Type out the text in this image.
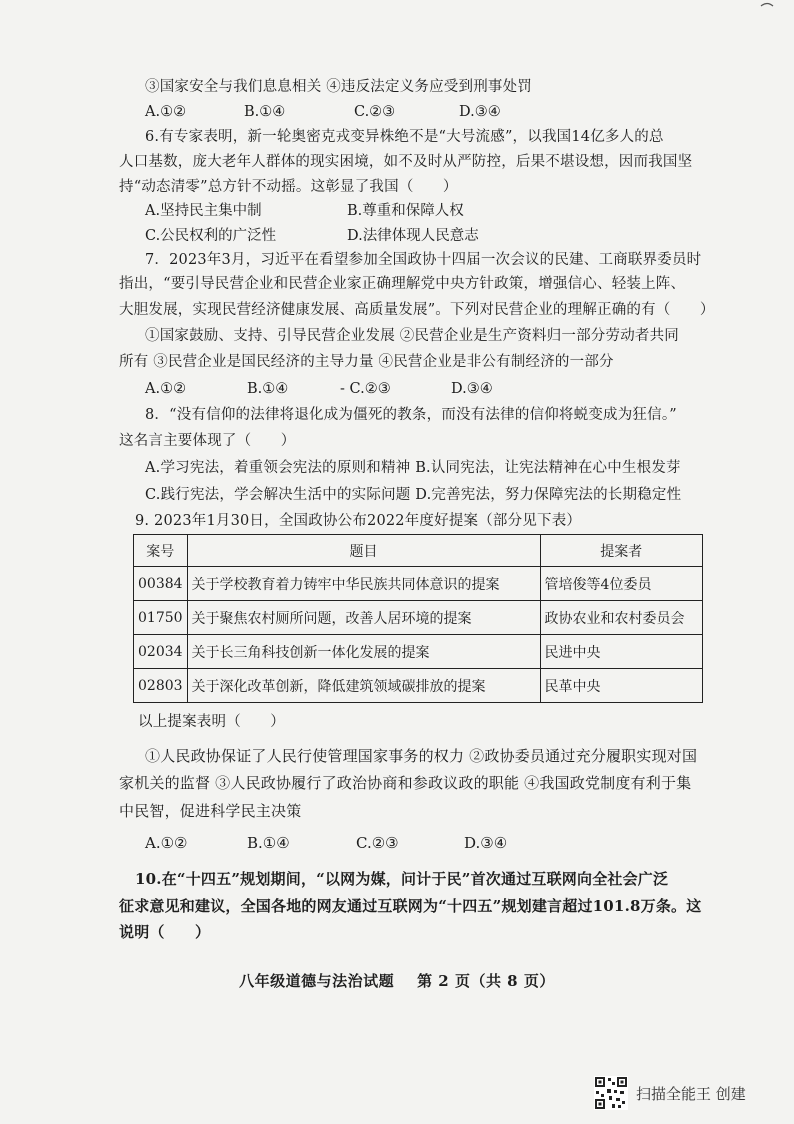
③国家安全与我们息息相关 ④违反法定义务应受到刑事处罚
A.①②	B.①④	C.②③	D.③④
6.有专家表明，新一轮奥密克戎变异株绝不是“大号流感”，以我国14亿多人的总
人口基数，庞大老年人群体的现实困境，如不及时从严防控，后果不堪设想，因而我国坚
持“动态清零”总方针不动摇。这彰显了我国（　　）
A.坚持民主集中制	B.尊重和保障人权
C.公民权利的广泛性	D.法律体现人民意志
7．2023年3月，习近平在看望参加全国政协十四届一次会议的民建、工商联界委员时
指出，“要引导民营企业和民营企业家正确理解党中央方针政策，增强信心、轻装上阵、
大胆发展，实现民营经济健康发展、高质量发展”。下列对民营企业的理解正确的有（　　）
①国家鼓励、支持、引导民营企业发展 ②民营企业是生产资料归一部分劳动者共同
所有 ③民营企业是国民经济的主导力量 ④民营企业是非公有制经济的一部分
A.①②	B.①④	- C.②③	D.③④
8．“没有信仰的法律将退化成为僵死的教条，而没有法律的信仰将蜕变成为狂信。”
这名言主要体现了（　　）
A.学习宪法，着重领会宪法的原则和精神 B.认同宪法，让宪法精神在心中生根发芽
C.践行宪法，学会解决生活中的实际问题 D.完善宪法，努力保障宪法的长期稳定性
9. 2023年1月30日，全国政协公布2022年度好提案（部分见下表）
案号	题目	提案者
00384	关于学校教育着力铸牢中华民族共同体意识的提案	管培俊等4位委员
01750	关于聚焦农村厕所问题，改善人居环境的提案	政协农业和农村委员会
02034	关于长三角科技创新一体化发展的提案	民进中央
02803	关于深化改革创新，降低建筑领域碳排放的提案	民革中央
以上提案表明（　　）
①人民政协保证了人民行使管理国家事务的权力 ②政协委员通过充分履职实现对国
家机关的监督 ③人民政协履行了政治协商和参政议政的职能 ④我国政党制度有利于集
中民智，促进科学民主决策
A.①②	B.①④	C.②③	D.③④
10.在“十四五”规划期间，“以网为媒，问计于民”首次通过互联网向全社会广泛
征求意见和建议，全国各地的网友通过互联网为“十四五”规划建言超过101.8万条。这
说明（　　）
八年级道德与法治试题 第 2 页（共 8 页）
扫描全能王 创建
